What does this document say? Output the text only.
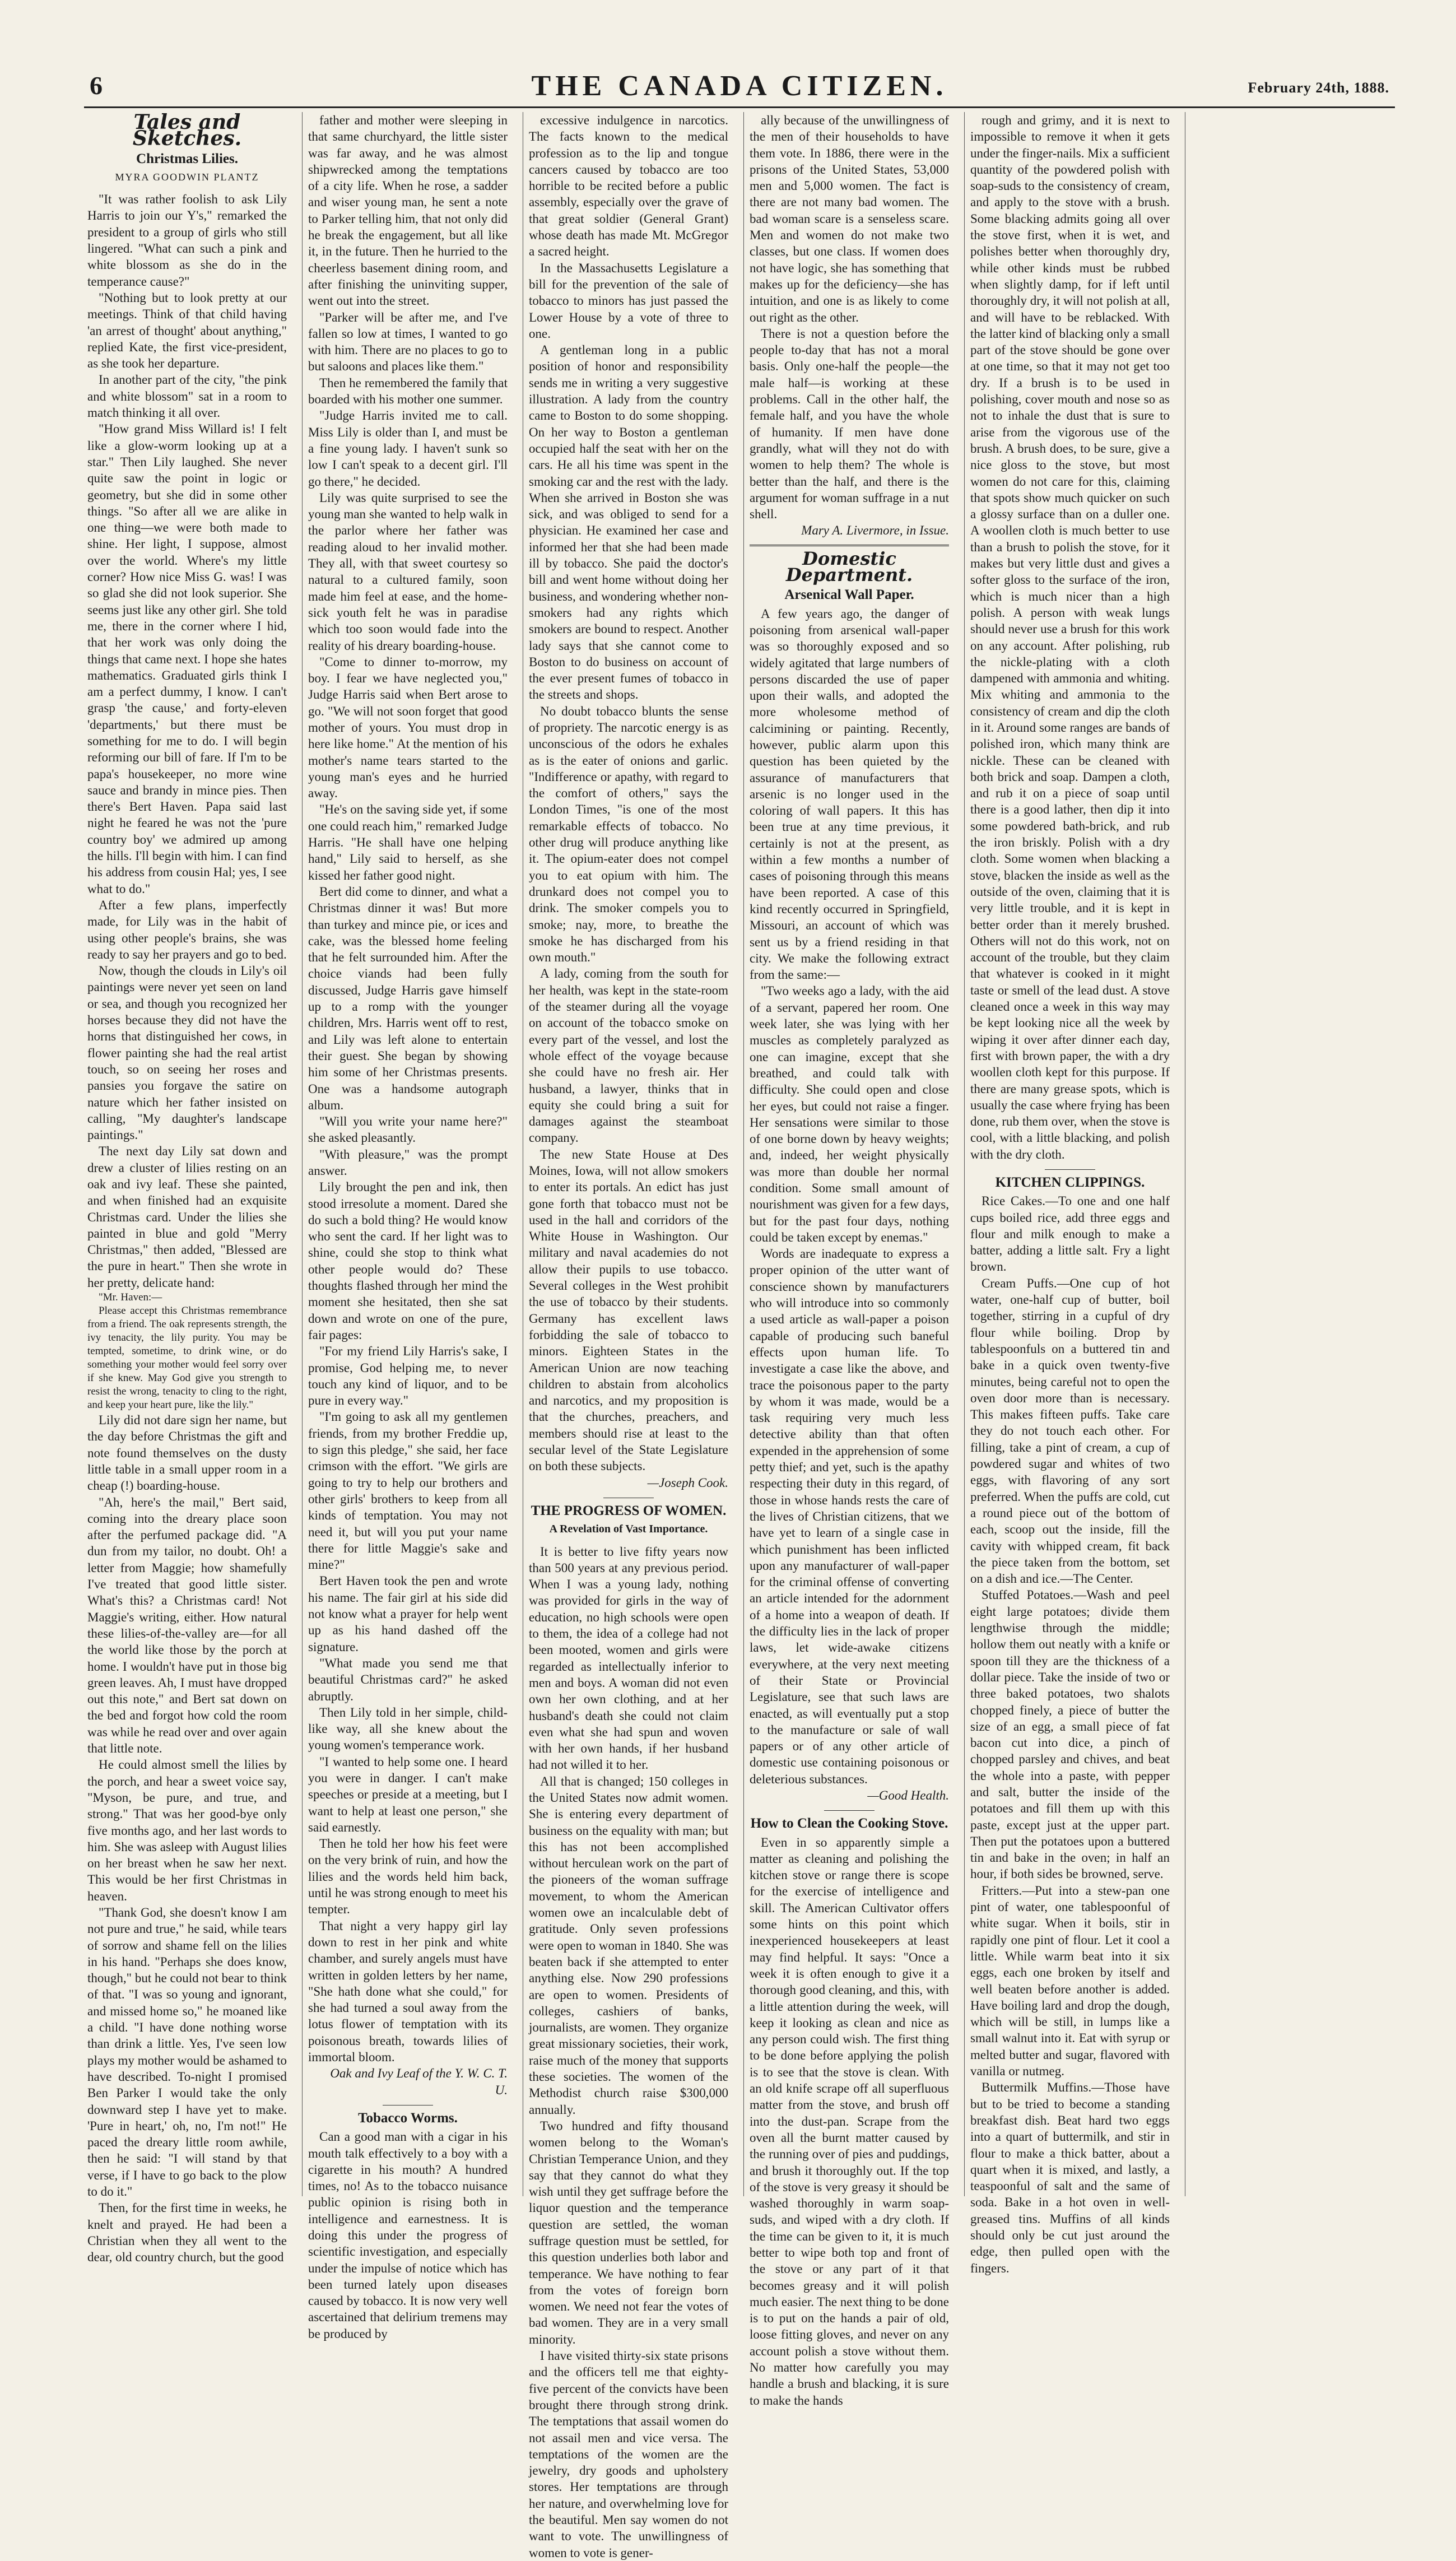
6	THE CANADA CITIZEN.	February 24th, 1888.
Tales and Sketches.
Christmas Lilies.
MYRA GOODWIN PLANTZ

"It was rather foolish to ask Lily Harris to join our Y's," remarked the president to a group of girls who still lingered. "What can such a pink and white blossom as she do in the temperance cause?"

"Nothing but to look pretty at our meetings. Think of that child having 'an arrest of thought' about anything," replied Kate, the first vice-president, as she took her departure.

In another part of the city, "the pink and white blossom" sat in a room to match thinking it all over.

"How grand Miss Willard is! I felt like a glow-worm looking up at a star." Then Lily laughed. She never quite saw the point in logic or geometry, but she did in some other things. "So after all we are alike in one thing—we were both made to shine. Her light, I suppose, almost over the world. Where's my little corner? How nice Miss G. was! I was so glad she did not look superior. She seems just like any other girl. She told me, there in the corner where I hid, that her work was only doing the things that came next. I hope she hates mathematics. Graduated girls think I am a perfect dummy, I know. I can't grasp 'the cause,' and forty-eleven 'departments,' but there must be something for me to do. I will begin reforming our bill of fare. If I'm to be papa's housekeeper, no more wine sauce and brandy in mince pies. Then there's Bert Haven. Papa said last night he feared he was not the 'pure country boy' we admired up among the hills. I'll begin with him. I can find his address from cousin Hal; yes, I see what to do."

After a few plans, imperfectly made, for Lily was in the habit of using other people's brains, she was ready to say her prayers and go to bed.

Now, though the clouds in Lily's oil paintings were never yet seen on land or sea, and though you recognized her horses because they did not have the horns that distinguished her cows, in flower painting she had the real artist touch, so on seeing her roses and pansies you forgave the satire on nature which her father insisted on calling, "My daughter's landscape paintings."

The next day Lily sat down and drew a cluster of lilies resting on an oak and ivy leaf. These she painted, and when finished had an exquisite Christmas card. Under the lilies she painted in blue and gold "Merry Christmas," then added, "Blessed are the pure in heart." Then she wrote in her pretty, delicate hand:

"Mr. Haven:—

Please accept this Christmas remembrance from a friend. The oak represents strength, the ivy tenacity, the lily purity. You may be tempted, sometime, to drink wine, or do something your mother would feel sorry over if she knew. May God give you strength to resist the wrong, tenacity to cling to the right, and keep your heart pure, like the lily."

Lily did not dare sign her name, but the day before Christmas the gift and note found themselves on the dusty little table in a small upper room in a cheap (!) boarding-house.

"Ah, here's the mail," Bert said, coming into the dreary place soon after the perfumed package did. "A dun from my tailor, no doubt. Oh! a letter from Maggie; how shamefully I've treated that good little sister. What's this? a Christmas card! Not Maggie's writing, either. How natural these lilies-of-the-valley are—for all the world like those by the porch at home. I wouldn't have put in those big green leaves. Ah, I must have dropped out this note," and Bert sat down on the bed and forgot how cold the room was while he read over and over again that little note.

He could almost smell the lilies by the porch, and hear a sweet voice say, "Myson, be pure, and true, and strong." That was her good-bye only five months ago, and her last words to him. She was asleep with August lilies on her breast when he saw her next. This would be her first Christmas in heaven.

"Thank God, she doesn't know I am not pure and true," he said, while tears of sorrow and shame fell on the lilies in his hand. "Perhaps she does know, though," but he could not bear to think of that. "I was so young and ignorant, and missed home so," he moaned like a child. "I have done nothing worse than drink a little. Yes, I've seen low plays my mother would be ashamed to have described. To-night I promised Ben Parker I would take the only downward step I have yet to make. 'Pure in heart,' oh, no, I'm not!" He paced the dreary little room awhile, then he said: "I will stand by that verse, if I have to go back to the plow to do it."

Then, for the first time in weeks, he knelt and prayed. He had been a Christian when they all went to the dear, old country church, but the good

father and mother were sleeping in that same churchyard, the little sister was far away, and he was almost shipwrecked among the temptations of a city life. When he rose, a sadder and wiser young man, he sent a note to Parker telling him, that not only did he break the engagement, but all like it, in the future. Then he hurried to the cheerless basement dining room, and after finishing the uninviting supper, went out into the street.

"Parker will be after me, and I've fallen so low at times, I wanted to go with him. There are no places to go to but saloons and places like them."

Then he remembered the family that boarded with his mother one summer.

"Judge Harris invited me to call. Miss Lily is older than I, and must be a fine young lady. I haven't sunk so low I can't speak to a decent girl. I'll go there," he decided.

Lily was quite surprised to see the young man she wanted to help walk in the parlor where her father was reading aloud to her invalid mother. They all, with that sweet courtesy so natural to a cultured family, soon made him feel at ease, and the home-sick youth felt he was in paradise which too soon would fade into the reality of his dreary boarding-house.

"Come to dinner to-morrow, my boy. I fear we have neglected you," Judge Harris said when Bert arose to go. "We will not soon forget that good mother of yours. You must drop in here like home." At the mention of his mother's name tears started to the young man's eyes and he hurried away.

"He's on the saving side yet, if some one could reach him," remarked Judge Harris. "He shall have one helping hand," Lily said to herself, as she kissed her father good night.

Bert did come to dinner, and what a Christmas dinner it was! But more than turkey and mince pie, or ices and cake, was the blessed home feeling that he felt surrounded him. After the choice viands had been fully discussed, Judge Harris gave himself up to a romp with the younger children, Mrs. Harris went off to rest, and Lily was left alone to entertain their guest. She began by showing him some of her Christmas presents. One was a handsome autograph album.

"Will you write your name here?" she asked pleasantly.

"With pleasure," was the prompt answer.

Lily brought the pen and ink, then stood irresolute a moment. Dared she do such a bold thing? He would know who sent the card. If her light was to shine, could she stop to think what other people would do? These thoughts flashed through her mind the moment she hesitated, then she sat down and wrote on one of the pure, fair pages:

"For my friend Lily Harris's sake, I promise, God helping me, to never touch any kind of liquor, and to be pure in every way."

"I'm going to ask all my gentlemen friends, from my brother Freddie up, to sign this pledge," she said, her face crimson with the effort. "We girls are going to try to help our brothers and other girls' brothers to keep from all kinds of temptation. You may not need it, but will you put your name there for little Maggie's sake and mine?"

Bert Haven took the pen and wrote his name. The fair girl at his side did not know what a prayer for help went up as his hand dashed off the signature.

"What made you send me that beautiful Christmas card?" he asked abruptly.

Then Lily told in her simple, child-like way, all she knew about the young women's temperance work.

"I wanted to help some one. I heard you were in danger. I can't make speeches or preside at a meeting, but I want to help at least one person," she said earnestly.

Then he told her how his feet were on the very brink of ruin, and how the lilies and the words held him back, until he was strong enough to meet his tempter.

That night a very happy girl lay down to rest in her pink and white chamber, and surely angels must have written in golden letters by her name, "She hath done what she could," for she had turned a soul away from the lotus flower of temptation with its poisonous breath, towards lilies of immortal bloom.

Oak and Ivy Leaf of the Y. W. C. T. U.

Tobacco Worms.

Can a good man with a cigar in his mouth talk effectively to a boy with a cigarette in his mouth? A hundred times, no! As to the tobacco nuisance public opinion is rising both in intelligence and earnestness. It is doing this under the progress of scientific investigation, and especially under the impulse of notice which has been turned lately upon diseases caused by tobacco. It is now very well ascertained that delirium tremens may be produced by

excessive indulgence in narcotics. The facts known to the medical profession as to the lip and tongue cancers caused by tobacco are too horrible to be recited before a public assembly, especially over the grave of that great soldier (General Grant) whose death has made Mt. McGregor a sacred height.

In the Massachusetts Legislature a bill for the prevention of the sale of tobacco to minors has just passed the Lower House by a vote of three to one.

A gentleman long in a public position of honor and responsibility sends me in writing a very suggestive illustration. A lady from the country came to Boston to do some shopping. On her way to Boston a gentleman occupied half the seat with her on the cars. He all his time was spent in the smoking car and the rest with the lady. When she arrived in Boston she was sick, and was obliged to send for a physician. He examined her case and informed her that she had been made ill by tobacco. She paid the doctor's bill and went home without doing her business, and wondering whether non-smokers had any rights which smokers are bound to respect. Another lady says that she cannot come to Boston to do business on account of the ever present fumes of tobacco in the streets and shops.

No doubt tobacco blunts the sense of propriety. The narcotic energy is as unconscious of the odors he exhales as is the eater of onions and garlic. "Indifference or apathy, with regard to the comfort of others," says the London Times, "is one of the most remarkable effects of tobacco. No other drug will produce anything like it. The opium-eater does not compel you to eat opium with him. The drunkard does not compel you to drink. The smoker compels you to smoke; nay, more, to breathe the smoke he has discharged from his own mouth."

A lady, coming from the south for her health, was kept in the state-room of the steamer during all the voyage on account of the tobacco smoke on every part of the vessel, and lost the whole effect of the voyage because she could have no fresh air. Her husband, a lawyer, thinks that in equity she could bring a suit for damages against the steamboat company.

The new State House at Des Moines, Iowa, will not allow smokers to enter its portals. An edict has just gone forth that tobacco must not be used in the hall and corridors of the White House in Washington. Our military and naval academies do not allow their pupils to use tobacco. Several colleges in the West prohibit the use of tobacco by their students. Germany has excellent laws forbidding the sale of tobacco to minors. Eighteen States in the American Union are now teaching children to abstain from alcoholics and narcotics, and my proposition is that the churches, preachers, and members should rise at least to the secular level of the State Legislature on both these subjects.

—Joseph Cook.

THE PROGRESS OF WOMEN.
A Revelation of Vast Importance.

It is better to live fifty years now than 500 years at any previous period. When I was a young lady, nothing was provided for girls in the way of education, no high schools were open to them, the idea of a college had not been mooted, women and girls were regarded as intellectually inferior to men and boys. A woman did not even own her own clothing, and at her husband's death she could not claim even what she had spun and woven with her own hands, if her husband had not willed it to her.

All that is changed; 150 colleges in the United States now admit women. She is entering every department of business on the equality with man; but this has not been accomplished without herculean work on the part of the pioneers of the woman suffrage movement, to whom the American women owe an incalculable debt of gratitude. Only seven professions were open to woman in 1840. She was beaten back if she attempted to enter anything else. Now 290 professions are open to women. Presidents of colleges, cashiers of banks, journalists, are women. They organize great missionary societies, their work, raise much of the money that supports these societies. The women of the Methodist church raise $300,000 annually.

Two hundred and fifty thousand women belong to the Woman's Christian Temperance Union, and they say that they cannot do what they wish until they get suffrage before the liquor question and the temperance question are settled, the woman suffrage question must be settled, for this question underlies both labor and temperance. We have nothing to fear from the votes of foreign born women. We need not fear the votes of bad women. They are in a very small minority.

I have visited thirty-six state prisons and the officers tell me that eighty-five percent of the convicts have been brought there through strong drink. The temptations that assail women do not assail men and vice versa. The temptations of the women are the jewelry, dry goods and upholstery stores. Her temptations are through her nature, and overwhelming love for the beautiful. Men say women do not want to vote. The unwillingness of women to vote is gener-

ally because of the unwillingness of the men of their households to have them vote. In 1886, there were in the prisons of the United States, 53,000 men and 5,000 women. The fact is there are not many bad women. The bad woman scare is a senseless scare. Men and women do not make two classes, but one class. If women does not have logic, she has something that makes up for the deficiency—she has intuition, and one is as likely to come out right as the other.

There is not a question before the people to-day that has not a moral basis. Only one-half the people—the male half—is working at these problems. Call in the other half, the female half, and you have the whole of humanity. If men have done grandly, what will they not do with women to help them? The whole is better than the half, and there is the argument for woman suffrage in a nut shell.

Mary A. Livermore, in Issue.

Domestic Department.
Arsenical Wall Paper.

A few years ago, the danger of poisoning from arsenical wall-paper was so thoroughly exposed and so widely agitated that large numbers of persons discarded the use of paper upon their walls, and adopted the more wholesome method of calcimining or painting. Recently, however, public alarm upon this question has been quieted by the assurance of manufacturers that arsenic is no longer used in the coloring of wall papers. It this has been true at any time previous, it certainly is not at the present, as within a few months a number of cases of poisoning through this means have been reported. A case of this kind recently occurred in Springfield, Missouri, an account of which was sent us by a friend residing in that city. We make the following extract from the same:—

"Two weeks ago a lady, with the aid of a servant, papered her room. One week later, she was lying with her muscles as completely paralyzed as one can imagine, except that she breathed, and could talk with difficulty. She could open and close her eyes, but could not raise a finger. Her sensations were similar to those of one borne down by heavy weights; and, indeed, her weight physically was more than double her normal condition. Some small amount of nourishment was given for a few days, but for the past four days, nothing could be taken except by enemas."

Words are inadequate to express a proper opinion of the utter want of conscience shown by manufacturers who will introduce into so commonly a used article as wall-paper a poison capable of producing such baneful effects upon human life. To investigate a case like the above, and trace the poisonous paper to the party by whom it was made, would be a task requiring very much less detective ability than that often expended in the apprehension of some petty thief; and yet, such is the apathy respecting their duty in this regard, of those in whose hands rests the care of the lives of Christian citizens, that we have yet to learn of a single case in which punishment has been inflicted upon any manufacturer of wall-paper for the criminal offense of converting an article intended for the adornment of a home into a weapon of death. If the difficulty lies in the lack of proper laws, let wide-awake citizens everywhere, at the very next meeting of their State or Provincial Legislature, see that such laws are enacted, as will eventually put a stop to the manufacture or sale of wall papers or of any other article of domestic use containing poisonous or deleterious substances.

—Good Health.

How to Clean the Cooking Stove.

Even in so apparently simple a matter as cleaning and polishing the kitchen stove or range there is scope for the exercise of intelligence and skill. The American Cultivator offers some hints on this point which inexperienced housekeepers at least may find helpful. It says: "Once a week it is often enough to give it a thorough good cleaning, and this, with a little attention during the week, will keep it looking as clean and nice as any person could wish. The first thing to be done before applying the polish is to see that the stove is clean. With an old knife scrape off all superfluous matter from the stove, and brush off into the dust-pan. Scrape from the oven all the burnt matter caused by the running over of pies and puddings, and brush it thoroughly out. If the top of the stove is very greasy it should be washed thoroughly in warm soap-suds, and wiped with a dry cloth. If the time can be given to it, it is much better to wipe both top and front of the stove or any part of it that becomes greasy and it will polish much easier. The next thing to be done is to put on the hands a pair of old, loose fitting gloves, and never on any account polish a stove without them. No matter how carefully you may handle a brush and blacking, it is sure to make the hands

rough and grimy, and it is next to impossible to remove it when it gets under the finger-nails. Mix a sufficient quantity of the powdered polish with soap-suds to the consistency of cream, and apply to the stove with a brush. Some blacking admits going all over the stove first, when it is wet, and polishes better when thoroughly dry, while other kinds must be rubbed when slightly damp, for if left until thoroughly dry, it will not polish at all, and will have to be reblacked. With the latter kind of blacking only a small part of the stove should be gone over at one time, so that it may not get too dry. If a brush is to be used in polishing, cover mouth and nose so as not to inhale the dust that is sure to arise from the vigorous use of the brush. A brush does, to be sure, give a nice gloss to the stove, but most women do not care for this, claiming that spots show much quicker on such a glossy surface than on a duller one. A woollen cloth is much better to use than a brush to polish the stove, for it makes but very little dust and gives a softer gloss to the surface of the iron, which is much nicer than a high polish. A person with weak lungs should never use a brush for this work on any account. After polishing, rub the nickle-plating with a cloth dampened with ammonia and whiting. Mix whiting and ammonia to the consistency of cream and dip the cloth in it. Around some ranges are bands of polished iron, which many think are nickle. These can be cleaned with both brick and soap. Dampen a cloth, and rub it on a piece of soap until there is a good lather, then dip it into some powdered bath-brick, and rub the iron briskly. Polish with a dry cloth. Some women when blacking a stove, blacken the inside as well as the outside of the oven, claiming that it is very little trouble, and it is kept in better order than it merely brushed. Others will not do this work, not on account of the trouble, but they claim that whatever is cooked in it might taste or smell of the lead dust. A stove cleaned once a week in this way may be kept looking nice all the week by wiping it over after dinner each day, first with brown paper, the with a dry woollen cloth kept for this purpose. If there are many grease spots, which is usually the case where frying has been done, rub them over, when the stove is cool, with a little blacking, and polish with the dry cloth.

KITCHEN CLIPPINGS.

Rice Cakes.—To one and one half cups boiled rice, add three eggs and flour and milk enough to make a batter, adding a little salt. Fry a light brown.

Cream Puffs.—One cup of hot water, one-half cup of butter, boil together, stirring in a cupful of dry flour while boiling. Drop by tablespoonfuls on a buttered tin and bake in a quick oven twenty-five minutes, being careful not to open the oven door more than is necessary. This makes fifteen puffs. Take care they do not touch each other. For filling, take a pint of cream, a cup of powdered sugar and whites of two eggs, with flavoring of any sort preferred. When the puffs are cold, cut a round piece out of the bottom of each, scoop out the inside, fill the cavity with whipped cream, fit back the piece taken from the bottom, set on a dish and ice.—The Center.

Stuffed Potatoes.—Wash and peel eight large potatoes; divide them lengthwise through the middle; hollow them out neatly with a knife or spoon till they are the thickness of a dollar piece. Take the inside of two or three baked potatoes, two shalots chopped finely, a piece of butter the size of an egg, a small piece of fat bacon cut into dice, a pinch of chopped parsley and chives, and beat the whole into a paste, with pepper and salt, butter the inside of the potatoes and fill them up with this paste, except just at the upper part. Then put the potatoes upon a buttered tin and bake in the oven; in half an hour, if both sides be browned, serve.

Fritters.—Put into a stew-pan one pint of water, one tablespoonful of white sugar. When it boils, stir in rapidly one pint of flour. Let it cool a little. While warm beat into it six eggs, each one broken by itself and well beaten before another is added. Have boiling lard and drop the dough, which will be still, in lumps like a small walnut into it. Eat with syrup or melted butter and sugar, flavored with vanilla or nutmeg.

Buttermilk Muffins.—Those have but to be tried to become a standing breakfast dish. Beat hard two eggs into a quart of buttermilk, and stir in flour to make a thick batter, about a quart when it is mixed, and lastly, a teaspoonful of salt and the same of soda. Bake in a hot oven in well-greased tins. Muffins of all kinds should only be cut just around the edge, then pulled open with the fingers.
